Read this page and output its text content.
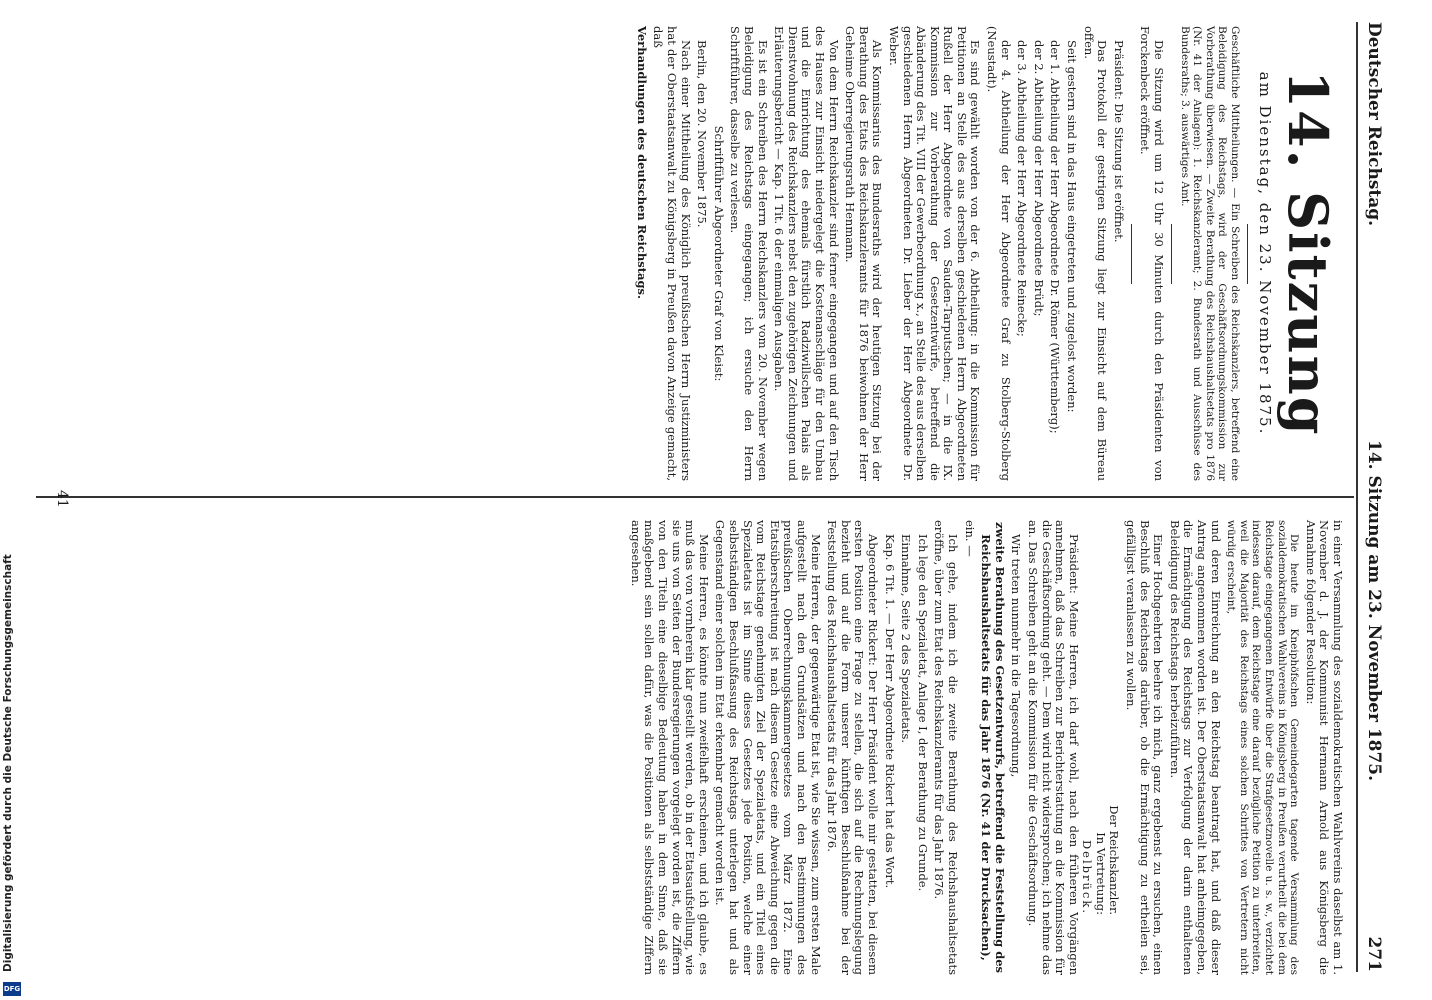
Deutscher Reichstag.
14. Sitzung am 23. November 1875.
271
14. Sitzung
am Dienstag, den 23. November 1875.

Geschäftliche Mittheilungen. — Ein Schreiben des Reichskanzlers, betreffend eine Beleidigung des Reichstags, wird der Geschäftsordnungskommission zur Vorberathung überwiesen. — Zweite Berathung des Reichshaushaltsetats pro 1876 (Nr. 41 der Anlagen): 1. Reichskanzleramt; 2. Bundesrath und Ausschüsse des Bundesraths; 3. auswärtiges Amt.

Die Sitzung wird um 12 Uhr 30 Minuten durch den Präsidenten von Forckenbeck eröffnet.

Präsident: Die Sitzung ist eröffnet.

Das Protokoll der gestrigen Sitzung liegt zur Einsicht auf dem Büreau offen.

Seit gestern sind in das Haus eingetreten und zugelost worden:

der 1. Abtheilung der Herr Abgeordnete Dr. Römer (Württemberg);

der 2. Abtheilung der Herr Abgeordnete Brüdt;

der 3. Abtheilung der Herr Abgeordnete Reinecke;

der 4. Abtheilung der Herr Abgeordnete Graf zu Stolberg-Stolberg (Neustadt).

Es sind gewählt worden von der 6. Abtheilung: in die Kommission für Petitionen an Stelle des aus derselben geschiedenen Herrn Abgeordneten Rußell der Herr Abgeordnete von Sauden-Tarputschen; — in die IX. Kommission zur Vorberathung der Gesetzentwürfe, betreffend die Abänderung des Tit. VIII der Gewerbeordnung x., an Stelle des aus derselben geschiedenen Herrn Abgeordneten Dr. Lieber der Herr Abgeordnete Dr. Weber.

Als Kommissarius des Bundesraths wird der heutigen Sitzung bei der Berathung des Etats des Reichskanzleramts für 1876 beiwohnen der Herr Geheime Oberregierungsrath Henmann.

Von dem Herrn Reichskanzler sind ferner eingegangen und auf den Tisch des Hauses zur Einsicht niedergelegt die Kostenanschläge für den Umbau und die Einrichtung des ehemals fürstlich Radziwillschen Palais als Dienstwohnung des Reichskanzlers nebst den zugehörigen Zeichnungen und Erläuterungsbericht — Kap. 1 Tit. 6 der einmaligen Ausgaben.

Es ist ein Schreiben des Herrn Reichskanzlers vom 20. November wegen Beleidigung des Reichstags eingegangen; ich ersuche den Herrn Schriftführer, dasselbe zu verlesen.

Schriftführer Abgeordneter Graf von Kleist:

Berlin, den 20. November 1875.

Nach einer Mittheilung des Königlich preußischen Herrn Justizministers hat der Oberstaatsanwalt zu Königsberg in Preußen davon Anzeige gemacht, daß

Verhandlungen des deutschen Reichstags.

in einer Versammlung des sozialdemokratischen Wahlvereins daselbst am 1. November d. J. der Kommunist Hermann Arnold aus Königsberg die Annahme folgender Resolution:

Die heute im Kneiphöfschen Gemeindegarten tagende Versammlung des sozialdemokratischen Wahlvereins in Königsberg in Preußen verurtheilt die bei dem Reichstage eingegangenen Entwürfe über die Strafgesetznovelle u. s. w., verzichtet indessen darauf, dem Reichstage eine darauf bezügliche Petition zu unterbreiten, weil die Majorität des Reichstags eines solchen Schrittes von Vertretern nicht würdig erscheint,

und deren Einreichung an den Reichstag beantragt hat, und daß dieser Antrag angenommen worden ist. Der Oberstaatsanwalt hat anheimgegeben, die Ermächtigung des Reichstags zur Verfolgung der darin enthaltenen Beleidigung des Reichstags herbeizuführen.

Einer Hochgeehrten beehre ich mich, ganz ergebenst zu ersuchen, einen Beschluß des Reichstags darüber, ob die Ermächtigung zu ertheilen sei, gefälligst veranlassen zu wollen.

Der Reichskanzler.

In Vertretung:

Delbrück.

Präsident: Meine Herren, ich darf wohl, nach den früheren Vorgängen annehmen, daß das Schreiben zur Berichterstattung an die Kommission für die Geschäftsordnung geht. — Dem wird nicht widersprochen; ich nehme das an. Das Schreiben geht an die Kommission für die Geschäftsordnung.

Wir treten nunmehr in die Tagesordnung,

zweite Berathung des Gesetzentwurfs, betreffend die Feststellung des Reichshaushaltsetats für das Jahr 1876 (Nr. 41 der Drucksachen),

ein. —

Ich gehe, indem ich die zweite Berathung des Reichshaushaltsetats eröffne, über zum Etat des Reichskanzleramts für das Jahr 1876.

Ich lege den Spezialetat, Anlage I, der Berathung zu Grunde.

Einnahme, Seite 2 des Spezialetats.

Kap. 6 Tit. 1. — Der Herr Abgeordnete Rickert hat das Wort.

Abgeordneter Rickert: Der Herr Präsident wolle mir gestatten, bei diesem ersten Position eine Frage zu stellen, die sich auf die Rechnungslegung bezieht und auf die Form unserer künftigen Beschlußnahme bei der Feststellung des Reichshaushaltsetats für das Jahr 1876.

Meine Herren, der gegenwärtige Etat ist, wie Sie wissen, zum ersten Male aufgestellt nach den Grundsätzen und nach den Bestimmungen des preußischen Oberrechnungskammergesetzes vom März 1872. Eine Etatsüberschreitung ist nach diesem Gesetze eine Abweichung gegen die vom Reichstage genehmigten Ziel der Spezialetats, und ein Titel eines Spezialetats ist im Sinne dieses Gesetzes jede Position, welche einer selbstständigen Beschlußfassung des Reichstags unterlegen hat und als Gegenstand einer solchen im Etat erkennbar gemacht worden ist.

Meine Herren, es könnte nun zweifelhaft erscheinen, und ich glaube, es muß das von vornherein klar gestellt werden, ob in der Etatsaufstellung, wie sie uns von Seiten der Bundesregierungen vorgelegt worden ist, die Ziffern von den Titeln eine dieselbige Bedeutung haben in dem Sinne, daß sie maßgebend sein sollen dafür, was die Positionen als selbstständige Ziffern angesehen.

41
Digitalisierung gefördert durch die Deutsche Forschungsgemeinschaft
DFG
